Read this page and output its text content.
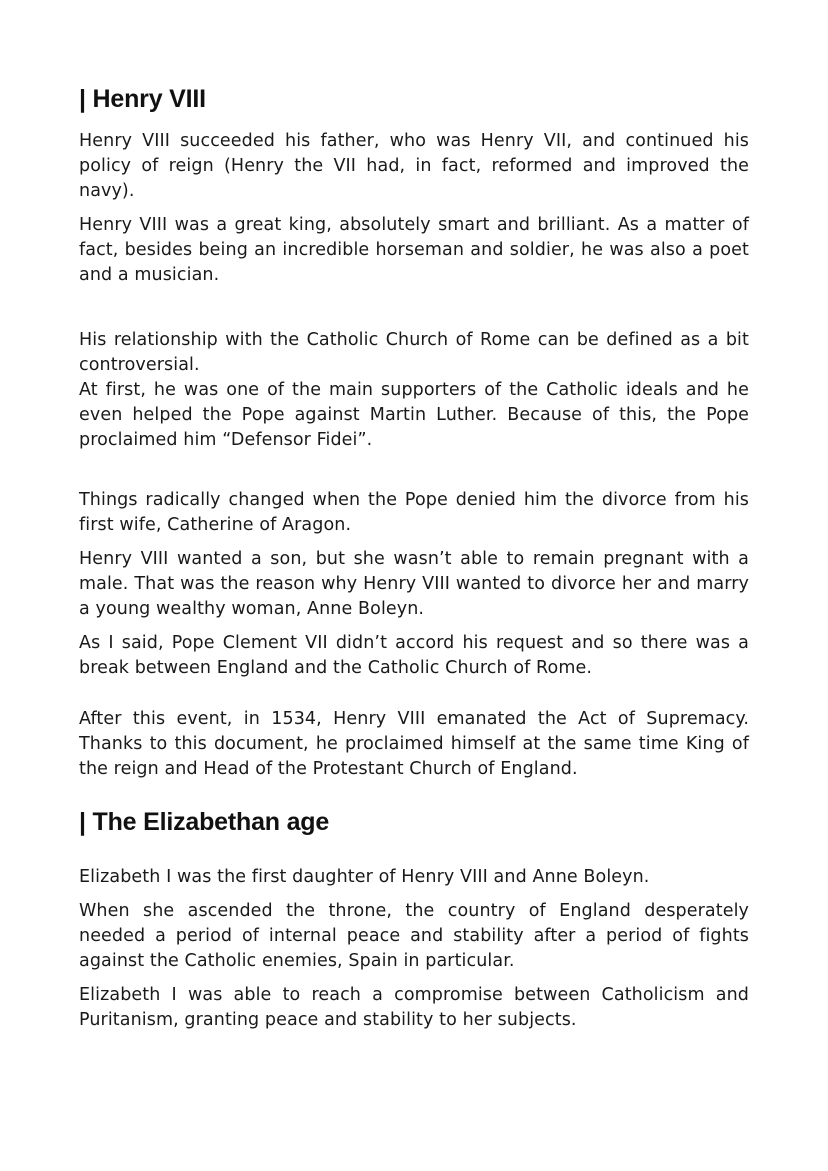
| Henry VIII

Henry VIII succeeded his father, who was Henry VII, and continued his policy of reign (Henry the VII had, in fact, reformed and improved the navy).

Henry VIII was a great king, absolutely smart and brilliant. As a matter of fact, besides being an incredible horseman and soldier, he was also a poet and a musician.

His relationship with the Catholic Church of Rome can be defined as a bit controversial.

At first, he was one of the main supporters of the Catholic ideals and he even helped the Pope against Martin Luther. Because of this, the Pope proclaimed him “Defensor Fidei”.

Things radically changed when the Pope denied him the divorce from his first wife, Catherine of Aragon.

Henry VIII wanted a son, but she wasn’t able to remain pregnant with a male. That was the reason why Henry VIII wanted to divorce her and marry a young wealthy woman, Anne Boleyn.

As I said, Pope Clement VII didn’t accord his request and so there was a break between England and the Catholic Church of Rome.

After this event, in 1534, Henry VIII emanated the Act of Supremacy. Thanks to this document, he proclaimed himself at the same time King of the reign and Head of the Protestant Church of England.

| The Elizabethan age

Elizabeth I was the first daughter of Henry VIII and Anne Boleyn.

When she ascended the throne, the country of England desperately needed a period of internal peace and stability after a period of fights against the Catholic enemies, Spain in particular.

Elizabeth I was able to reach a compromise between Catholicism and Puritanism, granting peace and stability to her subjects.
